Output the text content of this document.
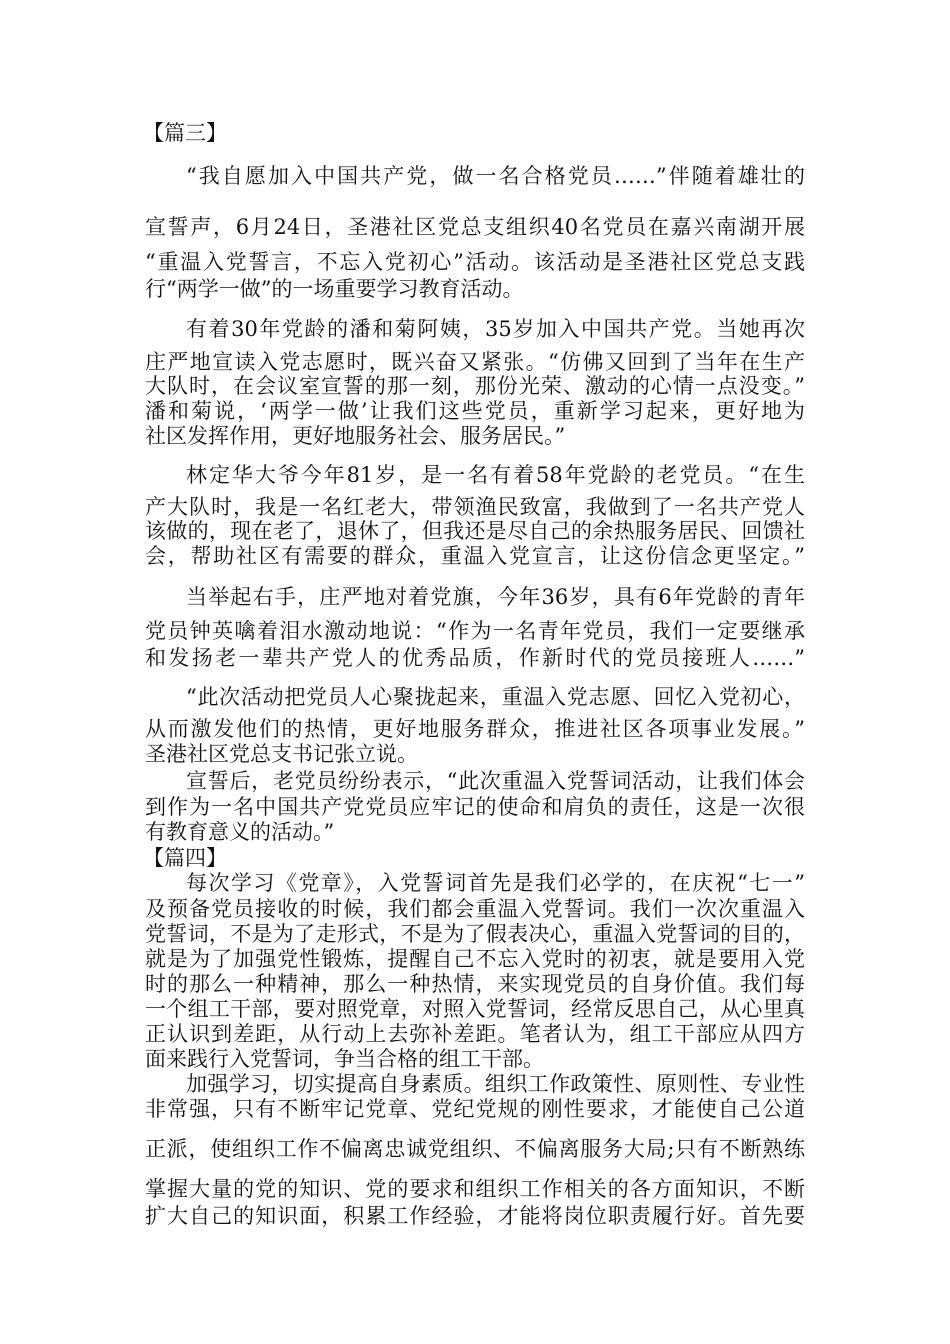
【篇三】
“我自愿加入中国共产党，做一名合格党员……”伴随着雄壮的
宣誓声，6月24日，圣港社区党总支组织40名党员在嘉兴南湖开展
“重温入党誓言，不忘入党初心”活动。该活动是圣港社区党总支践
行“两学一做”的一场重要学习教育活动。
有着30年党龄的潘和菊阿姨，35岁加入中国共产党。当她再次
庄严地宣读入党志愿时，既兴奋又紧张。“仿佛又回到了当年在生产
大队时，在会议室宣誓的那一刻，那份光荣、激动的心情一点没变。”
潘和菊说，‘两学一做’让我们这些党员，重新学习起来，更好地为
社区发挥作用，更好地服务社会、服务居民。”
林定华大爷今年81岁，是一名有着58年党龄的老党员。“在生
产大队时，我是一名红老大，带领渔民致富，我做到了一名共产党人
该做的，现在老了，退休了，但我还是尽自己的余热服务居民、回馈社
会，帮助社区有需要的群众，重温入党宣言，让这份信念更坚定。”
当举起右手，庄严地对着党旗，今年36岁，具有6年党龄的青年
党员钟英噙着泪水激动地说：“作为一名青年党员，我们一定要继承
和发扬老一辈共产党人的优秀品质，作新时代的党员接班人……”
“此次活动把党员人心聚拢起来，重温入党志愿、回忆入党初心，
从而激发他们的热情，更好地服务群众，推进社区各项事业发展。”
圣港社区党总支书记张立说。
宣誓后，老党员纷纷表示，“此次重温入党誓词活动，让我们体会
到作为一名中国共产党党员应牢记的使命和肩负的责任，这是一次很
有教育意义的活动。”
【篇四】
每次学习《党章》，入党誓词首先是我们必学的，在庆祝“七一”
及预备党员接收的时候，我们都会重温入党誓词。我们一次次重温入
党誓词，不是为了走形式，不是为了假表决心，重温入党誓词的目的，
就是为了加强党性锻炼，提醒自己不忘入党时的初衷，就是要用入党
时的那么一种精神，那么一种热情，来实现党员的自身价值。我们每
一个组工干部，要对照党章，对照入党誓词，经常反思自己，从心里真
正认识到差距，从行动上去弥补差距。笔者认为，组工干部应从四方
面来践行入党誓词，争当合格的组工干部。
加强学习，切实提高自身素质。组织工作政策性、原则性、专业性
非常强，只有不断牢记党章、党纪党规的刚性要求，才能使自己公道
正派，使组织工作不偏离忠诚党组织、不偏离服务大局;只有不断熟练
掌握大量的党的知识、党的要求和组织工作相关的各方面知识，不断
扩大自己的知识面，积累工作经验，才能将岗位职责履行好。首先要
